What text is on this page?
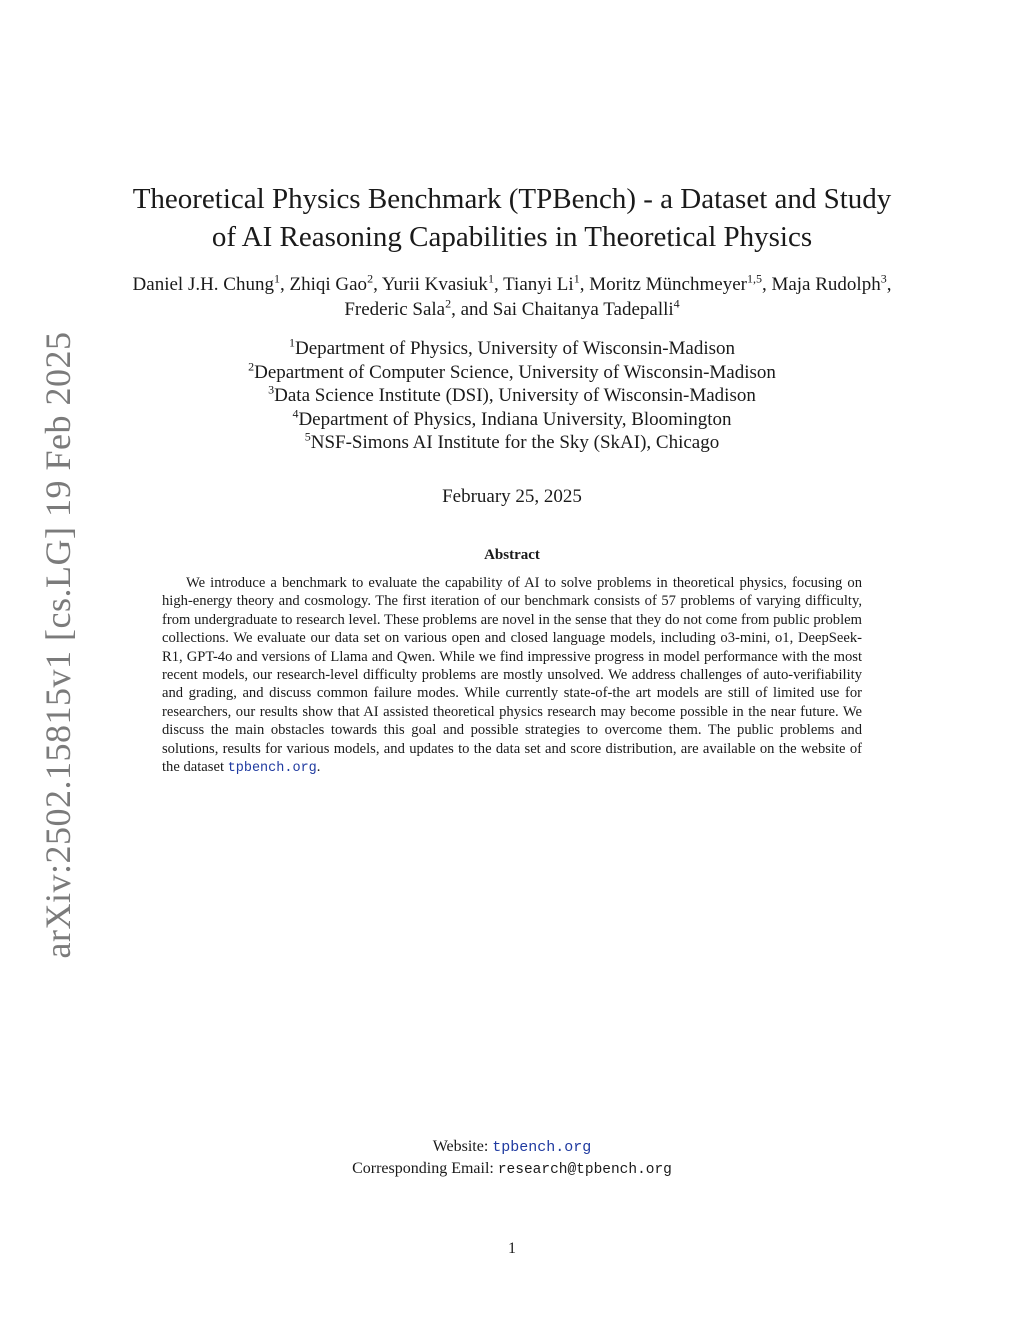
arXiv:2502.15815v1 [cs.LG] 19 Feb 2025
Theoretical Physics Benchmark (TPBench) - a Dataset and Study
of AI Reasoning Capabilities in Theoretical Physics
Daniel J.H. Chung$^1$, Zhiqi Gao$^2$, Yurii Kvasiuk$^1$, Tianyi Li$^1$, Moritz Münchmeyer$^{1,5}$, Maja Rudolph$^3$, Frederic Sala$^2$, and Sai Chaitanya Tadepalli$^4$
$^1$Department of Physics, University of Wisconsin-Madison
$^2$Department of Computer Science, University of Wisconsin-Madison
$^3$Data Science Institute (DSI), University of Wisconsin-Madison
$^4$Department of Physics, Indiana University, Bloomington
$^5$NSF-Simons AI Institute for the Sky (SkAI), Chicago
February 25, 2025
Abstract
We introduce a benchmark to evaluate the capability of AI to solve problems in theoretical physics, focusing on high-energy theory and cosmology. The first iteration of our benchmark consists of 57 problems of varying difficulty, from undergraduate to research level. These problems are novel in the sense that they do not come from public problem collections. We evaluate our data set on various open and closed language models, including o3-mini, o1, DeepSeek-R1, GPT-4o and versions of Llama and Qwen. While we find impressive progress in model performance with the most recent models, our research-level difficulty problems are mostly unsolved. We address challenges of auto-verifiability and grading, and discuss common failure modes. While currently state-of-the art models are still of limited use for researchers, our results show that AI assisted theoretical physics research may become possible in the near future. We discuss the main obstacles towards this goal and possible strategies to overcome them. The public problems and solutions, results for various models, and updates to the data set and score distribution, are available on the website of the dataset tpbench.org.
Website: tpbench.org
Corresponding Email: research@tpbench.org
1
